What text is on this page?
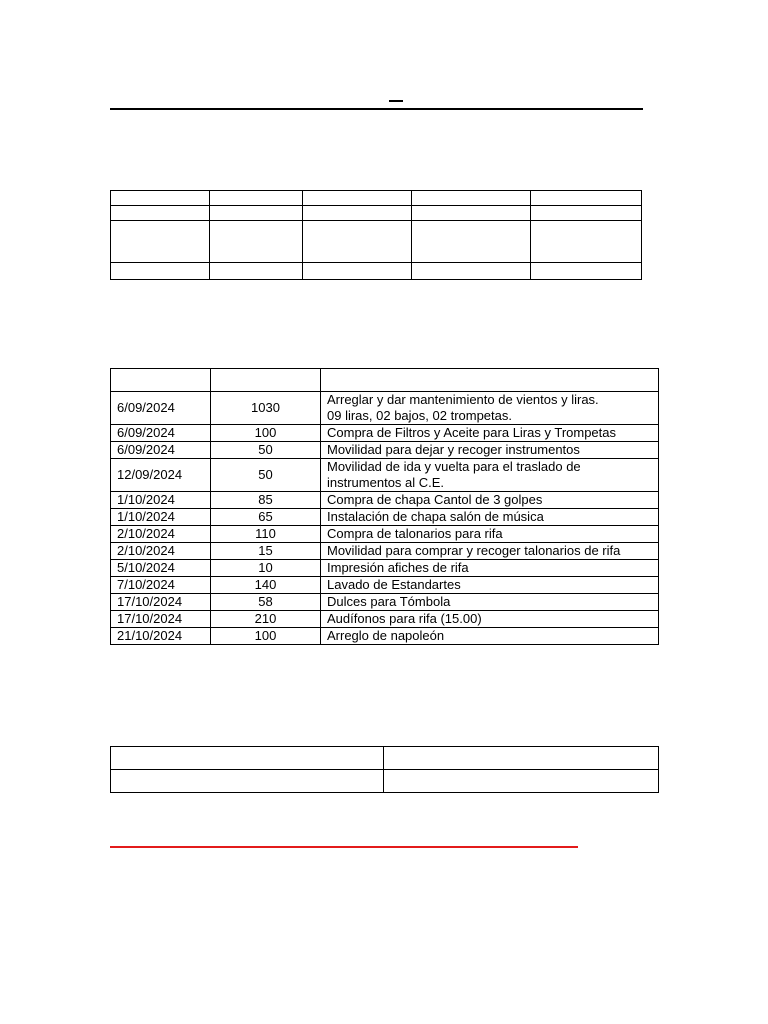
6/09/2024	1030	Arreglar y dar mantenimiento de vientos y liras.
09 liras, 02 bajos, 02 trompetas.
6/09/2024	100	Compra de Filtros y Aceite para Liras y Trompetas
6/09/2024	50	Movilidad para dejar y recoger instrumentos
12/09/2024	50	Movilidad de ida y vuelta para el traslado de
instrumentos al C.E.
1/10/2024	85	Compra de chapa Cantol de 3 golpes
1/10/2024	65	Instalación de chapa salón de música
2/10/2024	110	Compra de talonarios para rifa
2/10/2024	15	Movilidad para comprar y recoger talonarios de rifa
5/10/2024	10	Impresión afiches de rifa
7/10/2024	140	Lavado de Estandartes
17/10/2024	58	Dulces para Tómbola
17/10/2024	210	Audífonos para rifa (15.00)
21/10/2024	100	Arreglo de napoleón
